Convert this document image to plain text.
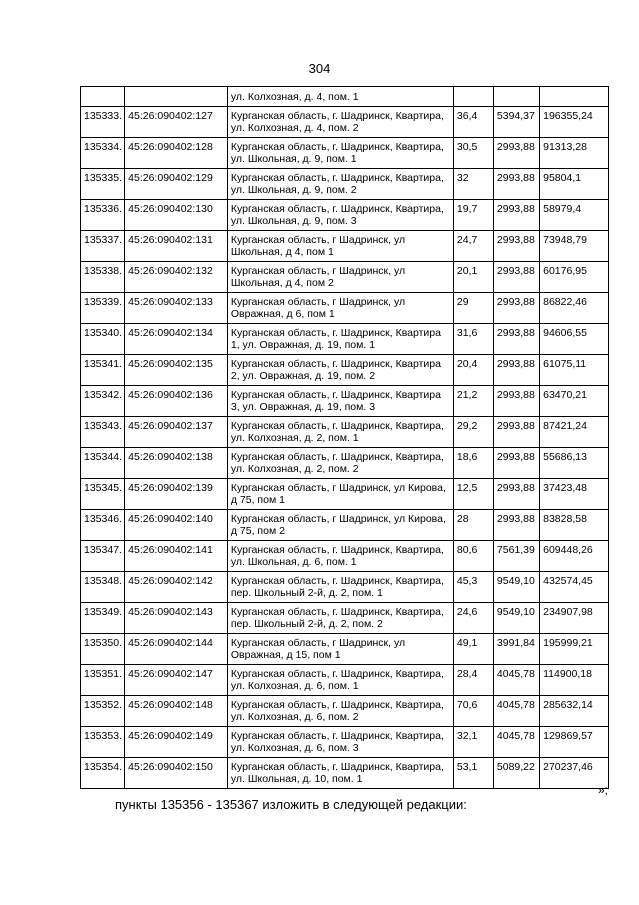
304
		ул. Колхозная, д. 4, пом. 1			
135333.	45:26:090402:127	Курганская область, г. Шадринск, Квартира, ул. Колхозная, д. 4, пом. 2	36,4	5394,37	196355,24
135334.	45:26:090402:128	Курганская область, г. Шадринск, Квартира, ул. Школьная, д. 9, пом. 1	30,5	2993,88	91313,28
135335.	45:26:090402:129	Курганская область, г. Шадринск, Квартира, ул. Школьная, д. 9, пом. 2	32	2993,88	95804,1
135336.	45:26:090402:130	Курганская область, г. Шадринск, Квартира, ул. Школьная, д. 9, пом. 3	19,7	2993,88	58979,4
135337.	45:26:090402:131	Курганская область, г Шадринск, ул Школьная, д 4, пом 1	24,7	2993,88	73948,79
135338.	45:26:090402:132	Курганская область, г Шадринск, ул Школьная, д 4, пом 2	20,1	2993,88	60176,95
135339.	45:26:090402:133	Курганская область, г Шадринск, ул Овражная, д 6, пом 1	29	2993,88	86822,46
135340.	45:26:090402:134	Курганская область, г. Шадринск, Квартира 1, ул. Овражная, д. 19, пом. 1	31,6	2993,88	94606,55
135341.	45:26:090402:135	Курганская область, г. Шадринск, Квартира 2, ул. Овражная, д. 19, пом. 2	20,4	2993,88	61075,11
135342.	45:26:090402:136	Курганская область, г. Шадринск, Квартира 3, ул. Овражная, д. 19, пом. 3	21,2	2993,88	63470,21
135343.	45:26:090402:137	Курганская область, г. Шадринск, Квартира, ул. Колхозная, д. 2, пом. 1	29,2	2993,88	87421,24
135344.	45:26:090402:138	Курганская область, г. Шадринск, Квартира, ул. Колхозная, д. 2, пом. 2	18,6	2993,88	55686,13
135345.	45:26:090402:139	Курганская область, г Шадринск, ул Кирова, д 75, пом 1	12,5	2993,88	37423,48
135346.	45:26:090402:140	Курганская область, г Шадринск, ул Кирова, д 75, пом 2	28	2993,88	83828,58
135347.	45:26:090402:141	Курганская область, г. Шадринск, Квартира, ул. Школьная, д. 6, пом. 1	80,6	7561,39	609448,26
135348.	45:26:090402:142	Курганская область, г. Шадринск, Квартира, пер. Школьный 2-й, д. 2, пом. 1	45,3	9549,10	432574,45
135349.	45:26:090402:143	Курганская область, г. Шадринск, Квартира, пер. Школьный 2-й, д. 2, пом. 2	24,6	9549,10	234907,98
135350.	45:26:090402:144	Курганская область, г Шадринск, ул Овражная, д 15, пом 1	49,1	3991,84	195999,21
135351.	45:26:090402:147	Курганская область, г. Шадринск, Квартира, ул. Колхозная, д. 6, пом. 1	28,4	4045,78	114900,18
135352.	45:26:090402:148	Курганская область, г. Шадринск, Квартира, ул. Колхозная, д. 6, пом. 2	70,6	4045,78	285632,14
135353.	45:26:090402:149	Курганская область, г. Шадринск, Квартира, ул. Колхозная, д. 6, пом. 3	32,1	4045,78	129869,57
135354.	45:26:090402:150	Курганская область, г. Шадринск, Квартира, ул. Школьная, д. 10, пом. 1	53,1	5089,22	270237,46
»;
пункты 135356 - 135367 изложить в следующей редакции:
